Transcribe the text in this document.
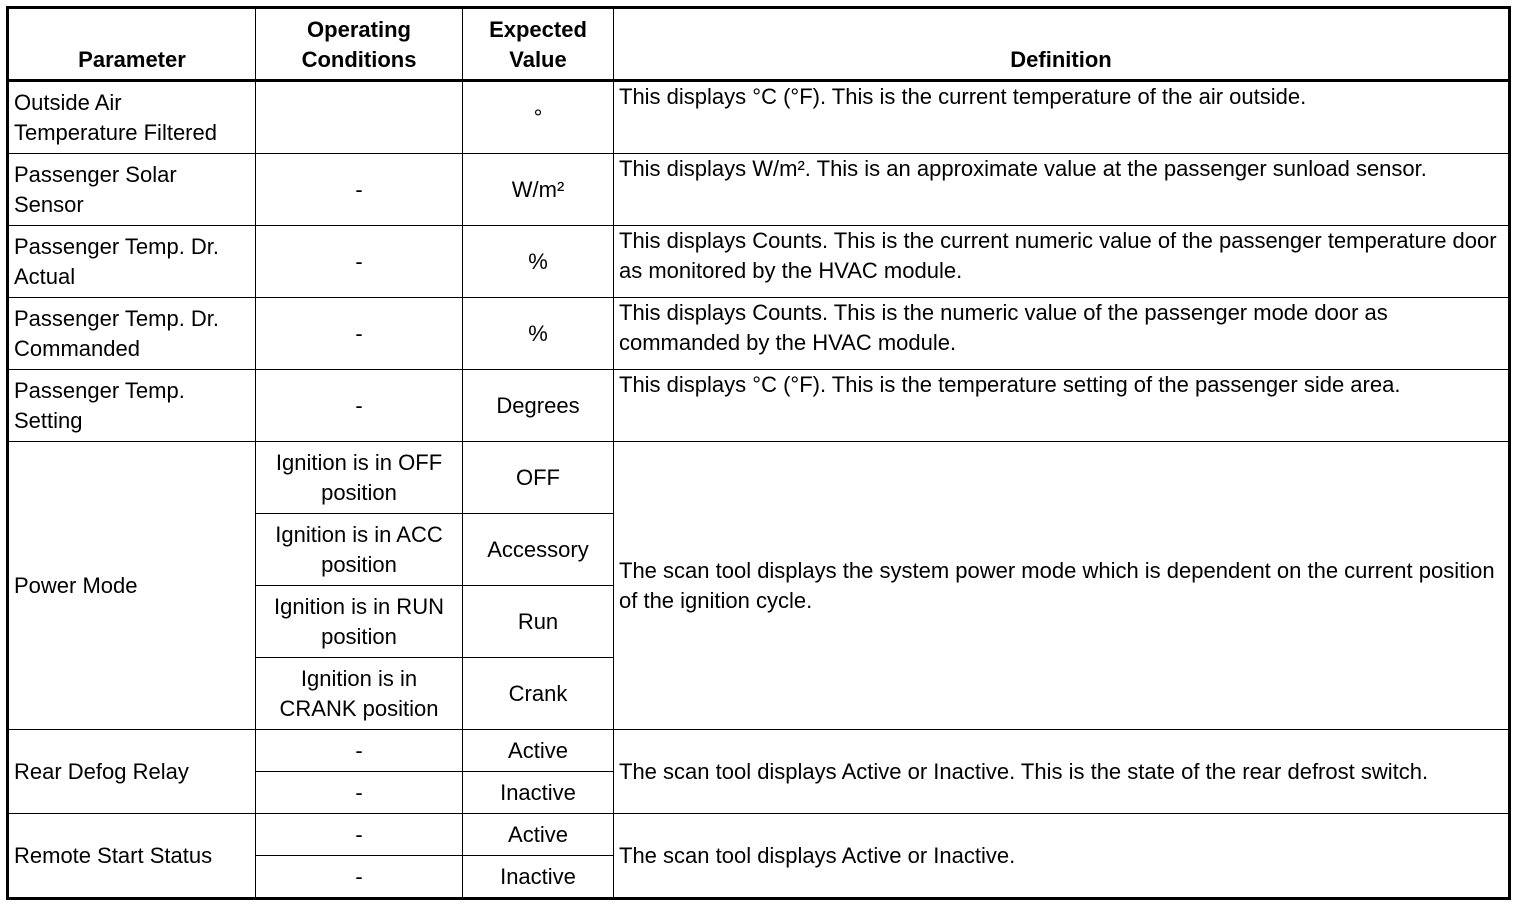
Parameter	Operating Conditions	Expected Value	Definition
Outside Air Temperature Filtered		°	This displays °C (°F). This is the current temperature of the air outside.
Passenger Solar Sensor	-	W/m²	This displays W/m². This is an approximate value at the passenger sunload sensor.
Passenger Temp. Dr. Actual	-	%	This displays Counts. This is the current numeric value of the passenger temperature door as monitored by the HVAC module.
Passenger Temp. Dr. Commanded	-	%	This displays Counts. This is the numeric value of the passenger mode door as commanded by the HVAC module.
Passenger Temp. Setting	-	Degrees	This displays °C (°F). This is the temperature setting of the passenger side area.
Power Mode	Ignition is in OFF position	OFF	The scan tool displays the system power mode which is dependent on the current position of the ignition cycle.
	Ignition is in ACC position	Accessory	
	Ignition is in RUN position	Run	
	Ignition is in CRANK position	Crank	
Rear Defog Relay	-	Active	The scan tool displays Active or Inactive. This is the state of the rear defrost switch.
	-	Inactive	
Remote Start Status	-	Active	The scan tool displays Active or Inactive.
	-	Inactive	
